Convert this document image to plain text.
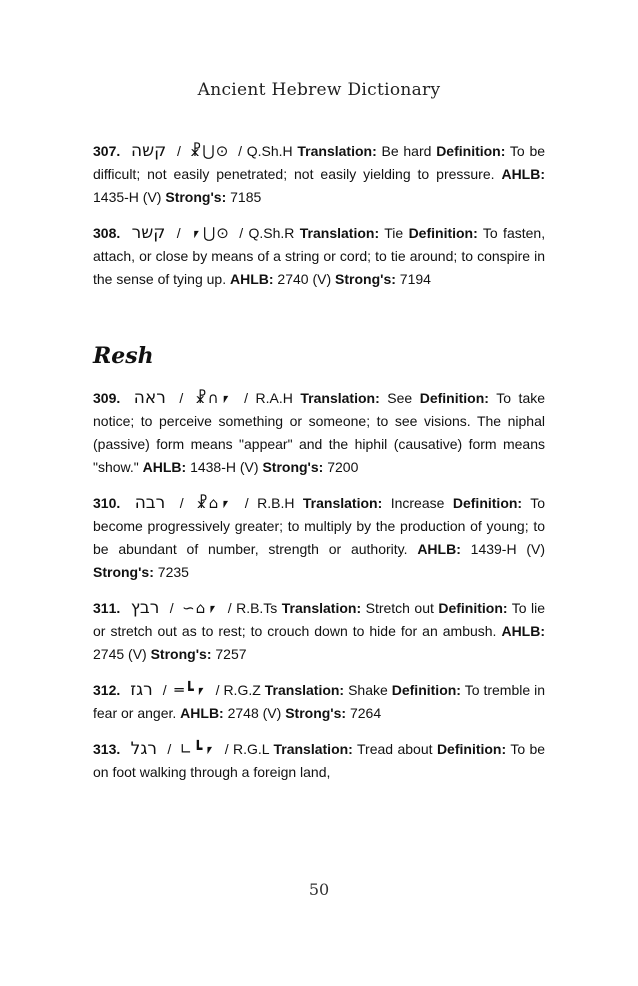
Ancient Hebrew Dictionary
307. קשה / ☧⋃⊙ / Q.Sh.H Translation: Be hard Definition: To be difficult; not easily penetrated; not easily yielding to pressure. AHLB: 1435-H (V) Strong's: 7185
308. קשר / ⎖⋃⊙ / Q.Sh.R Translation: Tie Definition: To fasten, attach, or close by means of a string or cord; to tie around; to conspire in the sense of tying up. AHLB: 2740 (V) Strong's: 7194
Resh
309. ראה / ☧∩⎖ / R.A.H Translation: See Definition: To take notice; to perceive something or someone; to see visions. The niphal (passive) form means "appear" and the hiphil (causative) form means "show." AHLB: 1438-H (V) Strong's: 7200
310. רבה / ☧⌂⎖ / R.B.H Translation: Increase Definition: To become progressively greater; to multiply by the production of young; to be abundant of number, strength or authority. AHLB: 1439-H (V) Strong's: 7235
311. רבץ / ∽⌂⎖ / R.B.Ts Translation: Stretch out Definition: To lie or stretch out as to rest; to crouch down to hide for an ambush. AHLB: 2745 (V) Strong's: 7257
312. רגז / ═┗⎖ / R.G.Z Translation: Shake Definition: To tremble in fear or anger. AHLB: 2748 (V) Strong's: 7264
313. רגל / ∟┗⎖ / R.G.L Translation: Tread about Definition: To be on foot walking through a foreign land,
50
